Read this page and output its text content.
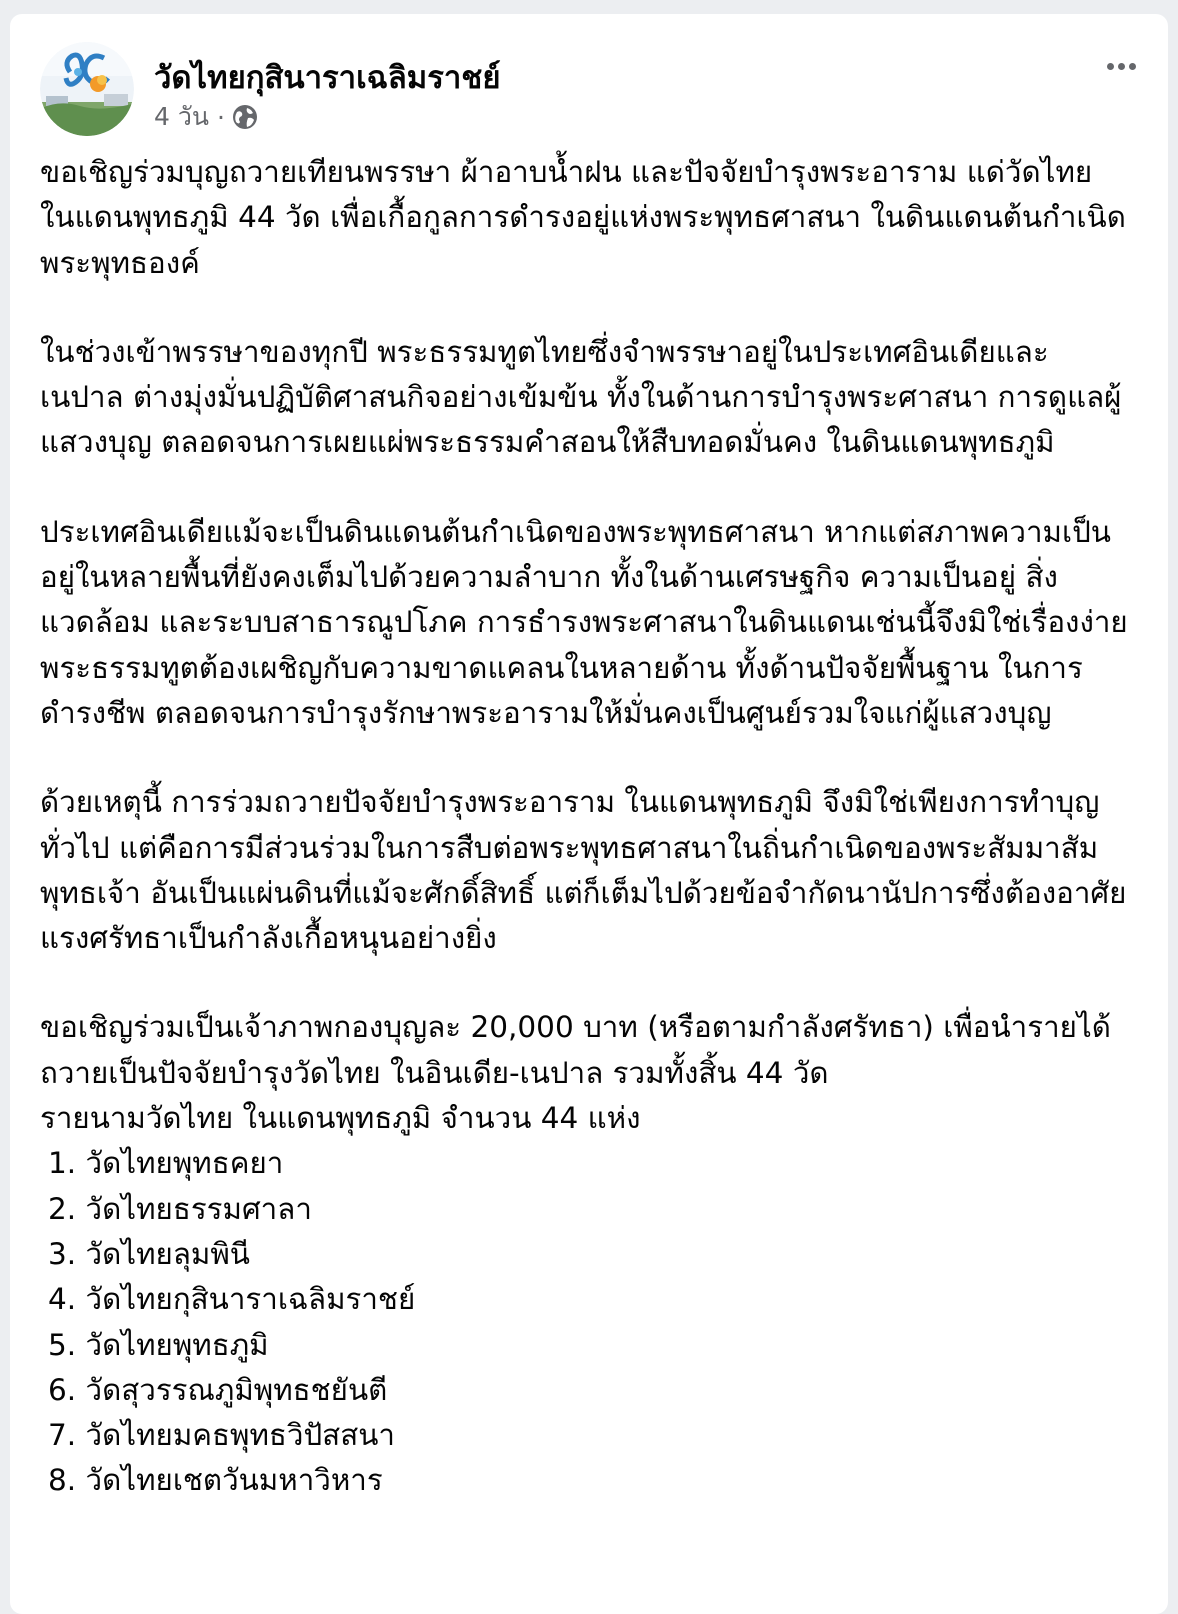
วัดไทยกุสินาราเฉลิมราชย์
4 วัน ·

ขอเชิญร่วมบุญถวายเทียนพรรษา ผ้าอาบน้ำฝน และปัจจัยบำรุงพระอาราม แด่วัดไทย ในแดนพุทธภูมิ 44 วัด เพื่อเกื้อกูลการดำรงอยู่แห่งพระพุทธศาสนา ในดินแดนต้นกำเนิดพระพุทธองค์

ในช่วงเข้าพรรษาของทุกปี พระธรรมทูตไทยซึ่งจำพรรษาอยู่ในประเทศอินเดียและเนปาล ต่างมุ่งมั่นปฏิบัติศาสนกิจอย่างเข้มข้น ทั้งในด้านการบำรุงพระศาสนา การดูแลผู้แสวงบุญ ตลอดจนการเผยแผ่พระธรรมคำสอนให้สืบทอดมั่นคง ในดินแดนพุทธภูมิ

ประเทศอินเดียแม้จะเป็นดินแดนต้นกำเนิดของพระพุทธศาสนา หากแต่สภาพความเป็นอยู่ในหลายพื้นที่ยังคงเต็มไปด้วยความลำบาก ทั้งในด้านเศรษฐกิจ ความเป็นอยู่ สิ่งแวดล้อม และระบบสาธารณูปโภค การธำรงพระศาสนาในดินแดนเช่นนี้จึงมิใช่เรื่องง่าย พระธรรมทูตต้องเผชิญกับความขาดแคลนในหลายด้าน ทั้งด้านปัจจัยพื้นฐาน ในการดำรงชีพ ตลอดจนการบำรุงรักษาพระอารามให้มั่นคงเป็นศูนย์รวมใจแก่ผู้แสวงบุญ

ด้วยเหตุนี้ การร่วมถวายปัจจัยบำรุงพระอาราม ในแดนพุทธภูมิ จึงมิใช่เพียงการทำบุญทั่วไป แต่คือการมีส่วนร่วมในการสืบต่อพระพุทธศาสนาในถิ่นกำเนิดของพระสัมมาสัมพุทธเจ้า อันเป็นแผ่นดินที่แม้จะศักดิ์สิทธิ์ แต่ก็เต็มไปด้วยข้อจำกัดนานัปการซึ่งต้องอาศัยแรงศรัทธาเป็นกำลังเกื้อหนุนอย่างยิ่ง

ขอเชิญร่วมเป็นเจ้าภาพกองบุญละ 20,000 บาท (หรือตามกำลังศรัทธา) เพื่อนำรายได้ถวายเป็นปัจจัยบำรุงวัดไทย ในอินเดีย-เนปาล รวมทั้งสิ้น 44 วัด

รายนามวัดไทย ในแดนพุทธภูมิ จำนวน 44 แห่ง
1. วัดไทยพุทธคยา
2. วัดไทยธรรมศาลา
3. วัดไทยลุมพินี
4. วัดไทยกุสินาราเฉลิมราชย์
5. วัดไทยพุทธภูมิ
6. วัดสุวรรณภูมิพุทธชยันตี
7. วัดไทยมคธพุทธวิปัสสนา
8. วัดไทยเชตวันมหาวิหาร
